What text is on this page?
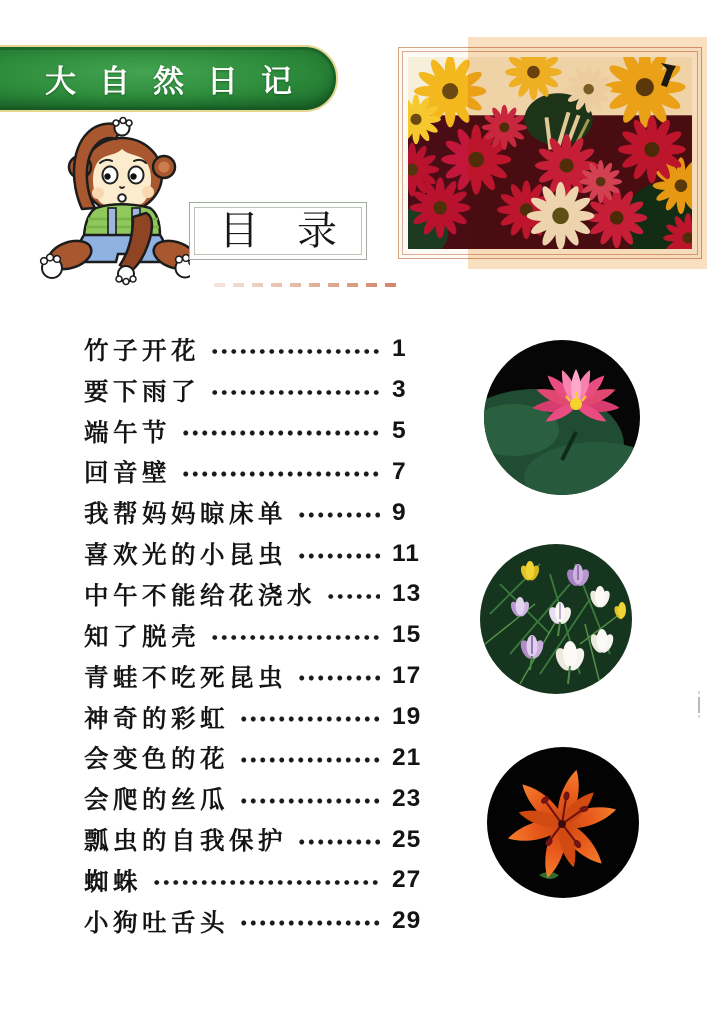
大自然日记
目录
竹子开花	1
要下雨了	3
端午节	5
回音壁	7
我帮妈妈晾床单	9
喜欢光的小昆虫	11
中午不能给花浇水	13
知了脱壳	15
青蛙不吃死昆虫	17
神奇的彩虹	19
会变色的花	21
会爬的丝瓜	23
瓢虫的自我保护	25
蜘蛛	27
小狗吐舌头	29
